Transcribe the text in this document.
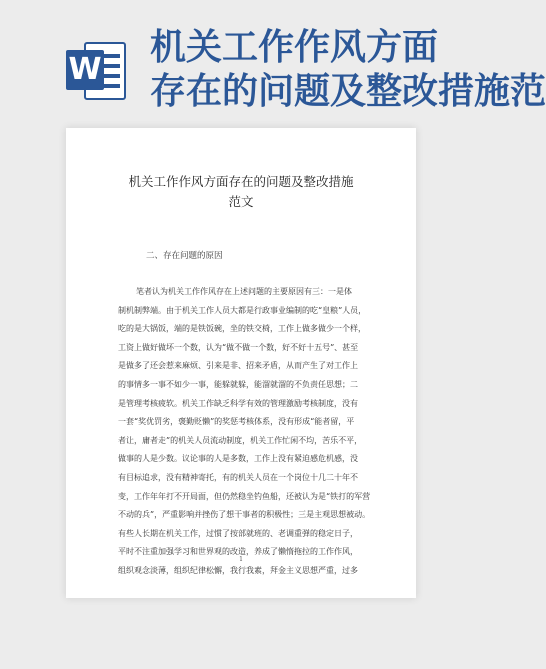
W
机关工作作风方面
存在的问题及整改措施范
机关工作作风方面存在的问题及整改措施
范文
二、存在问题的原因
笔者认为机关工作作风存在上述问题的主要原因有三：一是体
制机制弊端。由于机关工作人员大都是行政事业编制的吃“皇粮”人员，
吃的是大锅饭，端的是铁饭碗，坐的铁交椅，工作上做多做少一个样，
工资上做好做坏一个数，认为“做不做一个数，好不好十五号”、甚至
是做多了还会惹来麻烦、引来是非、招来矛盾，从而产生了对工作上
的事情多一事不如少一事，能躲就躲，能溜就溜的不负责任思想；二
是管理考核疲软。机关工作缺乏科学有效的管理激励考核制度，没有
一套“奖优罚劣，褒勤贬懒”的奖惩考核体系，没有形成“能者留，平
者让，庸者走”的机关人员流动制度，机关工作忙闲不均，苦乐不平，
做事的人是少数。议论事的人是多数，工作上没有紧迫感危机感，没
有目标追求，没有精神寄托，有的机关人员在一个岗位十几二十年不
变，工作年年打不开局面，但仍然稳坐钓鱼船，还被认为是“铁打的军营
不动的兵”，严重影响并挫伤了想干事者的积极性；三是主观思想被动。
有些人长期在机关工作，过惯了按部就班的、老调重弹的稳定日子，
平时不注重加强学习和世界观的改造，养成了懒惰拖拉的工作作风，
组织观念淡薄，组织纪律松懈，我行我素，拜金主义思想严重，过多
1
